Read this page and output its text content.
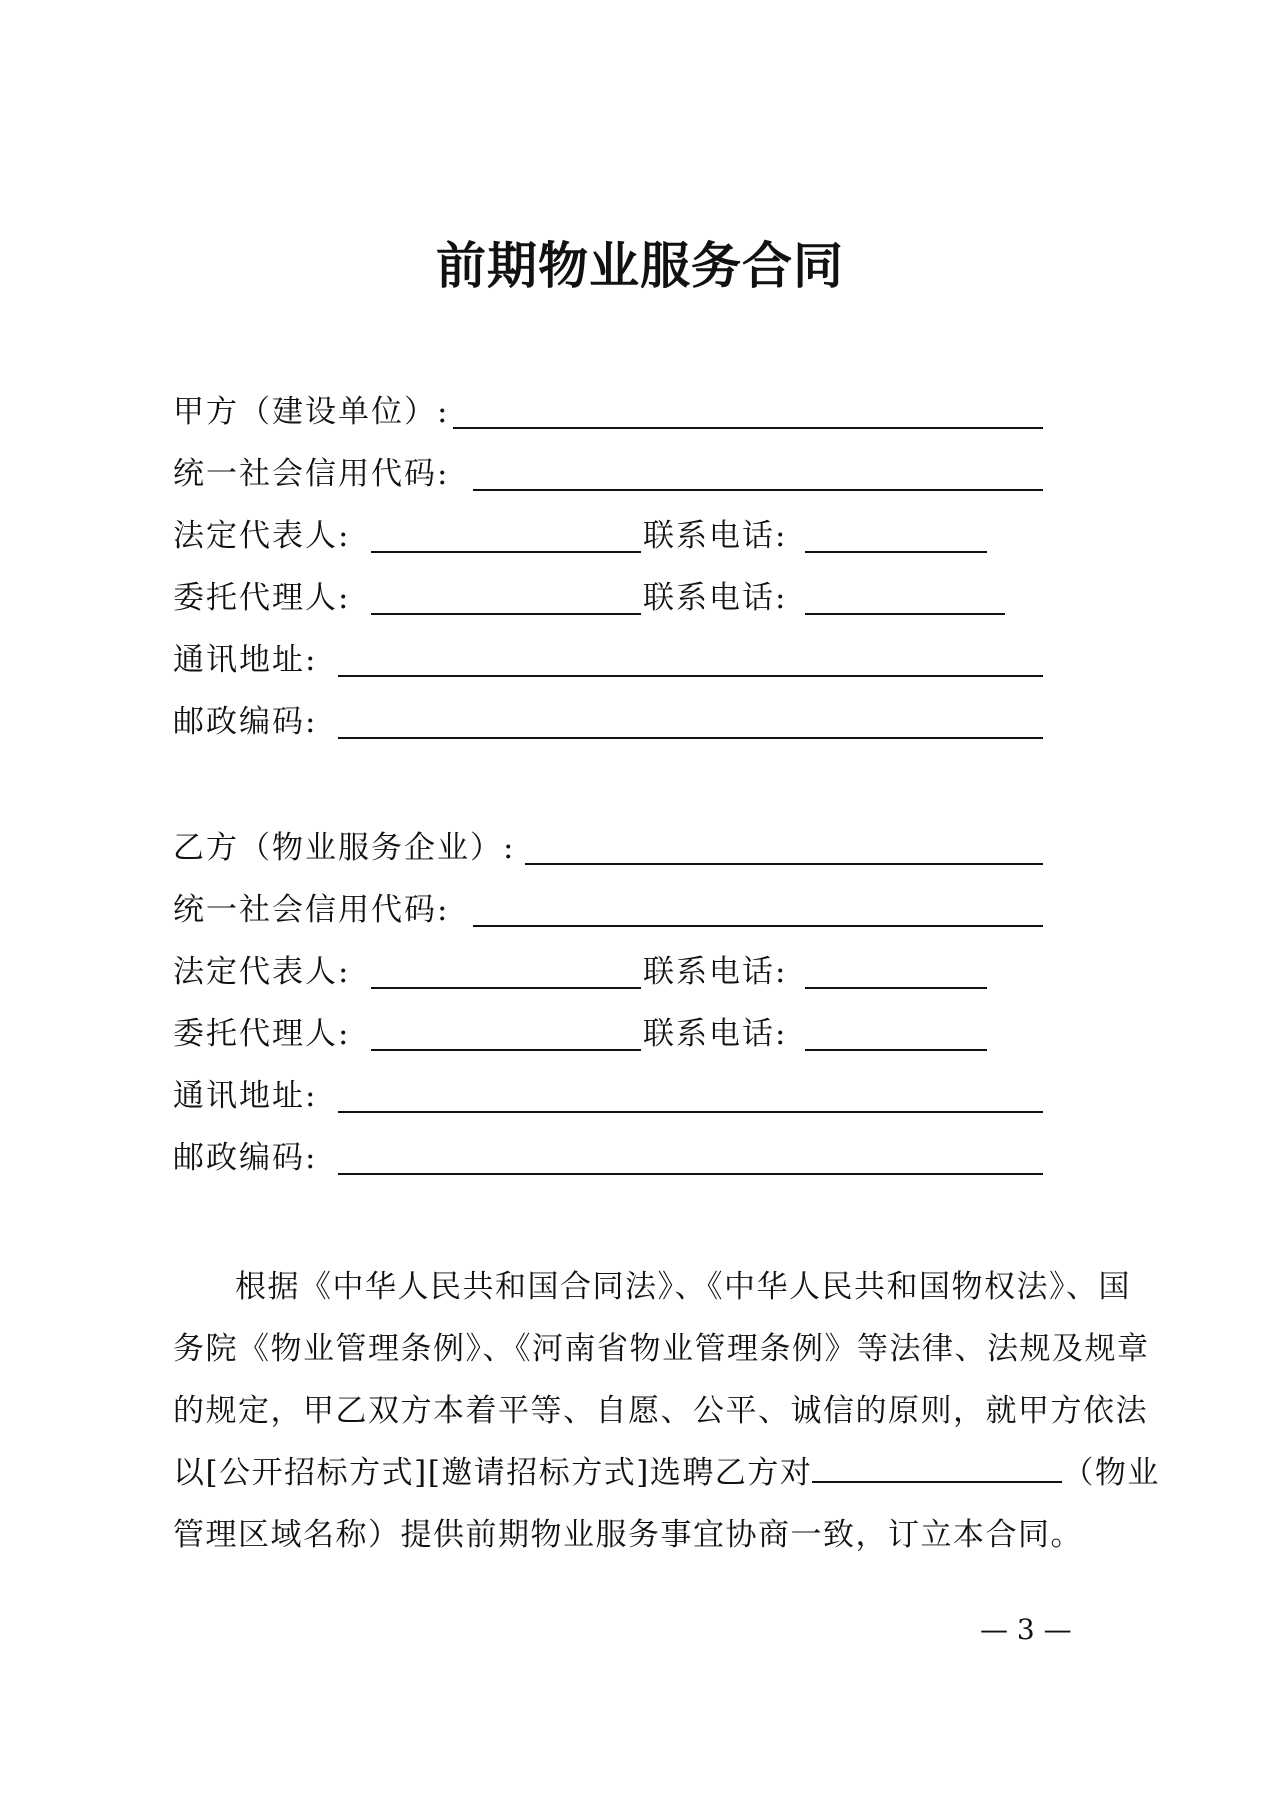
前期物业服务合同
甲方（建设单位）:
统一社会信用代码:
法定代表人:	联系电话:
委托代理人:	联系电话:
通讯地址:
邮政编码:
乙方（物业服务企业）:
统一社会信用代码:
法定代表人:	联系电话:
委托代理人:	联系电话:
通讯地址:
邮政编码:
根据《中华人民共和国合同法》、《中华人民共和国物权法》、国
务院《物业管理条例》、《河南省物业管理条例》等法律、法规及规章
的规定，甲乙双方本着平等、自愿、公平、诚信的原则，就甲方依法
以[公开招标方式][邀请招标方式]选聘乙方对	（物业
管理区域名称）提供前期物业服务事宜协商一致，订立本合同。
— 3 —
